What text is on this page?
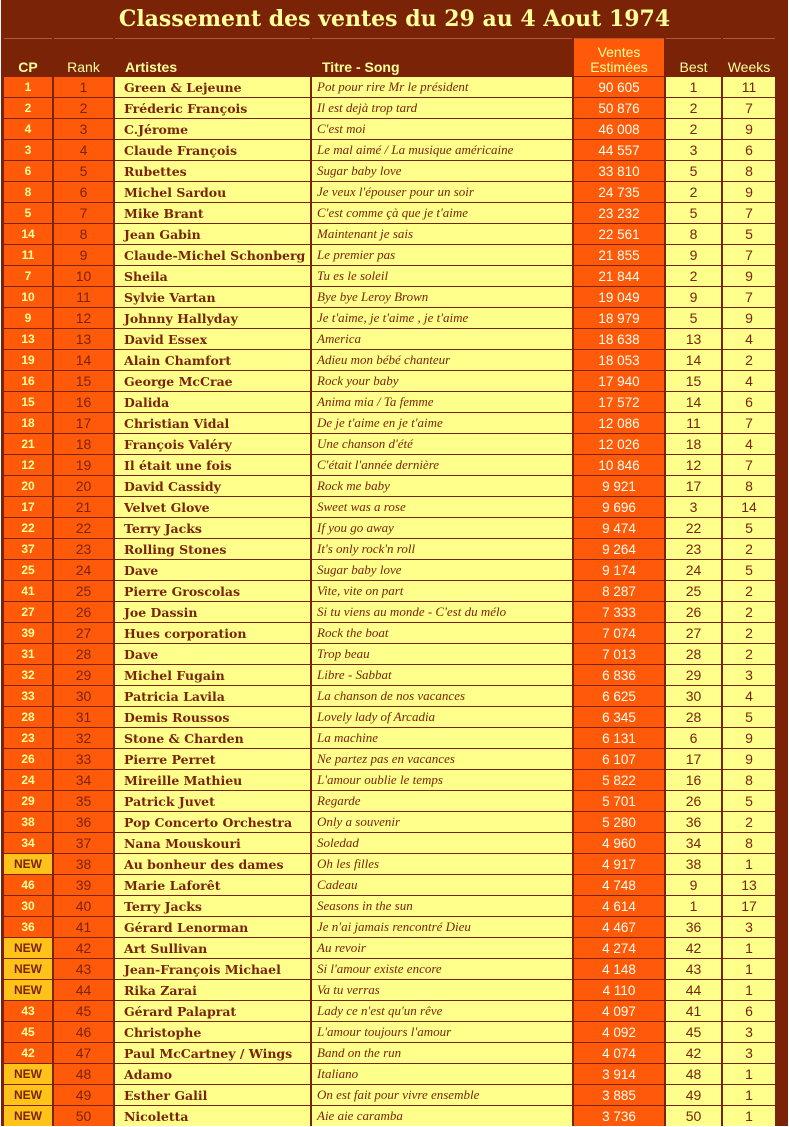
Classement des ventes du 29 au 4 Aout 1974
CP	Rank	Artistes	Titre - Song	Ventes
Estimées	Best	Weeks
1	1	Green & Lejeune	Pot pour rire Mr le président	90 605	1	11
2	2	Fréderic François	Il est dejà trop tard	50 876	2	7
4	3	C.Jérome	C'est moi	46 008	2	9
3	4	Claude François	Le mal aimé / La musique américaine	44 557	3	6
6	5	Rubettes	Sugar baby love	33 810	5	8
8	6	Michel Sardou	Je veux l'épouser pour un soir	24 735	2	9
5	7	Mike Brant	C'est comme çà que je t'aime	23 232	5	7
14	8	Jean Gabin	Maintenant je sais	22 561	8	5
11	9	Claude-Michel Schonberg	Le premier pas	21 855	9	7
7	10	Sheila	Tu es le soleil	21 844	2	9
10	11	Sylvie Vartan	Bye bye Leroy Brown	19 049	9	7
9	12	Johnny Hallyday	Je t'aime, je t'aime , je t'aime	18 979	5	9
13	13	David Essex	America	18 638	13	4
19	14	Alain Chamfort	Adieu mon bébé chanteur	18 053	14	2
16	15	George McCrae	Rock your baby	17 940	15	4
15	16	Dalida	Anima mia / Ta femme	17 572	14	6
18	17	Christian Vidal	De je t'aime en je t'aime	12 086	11	7
21	18	François Valéry	Une chanson d'été	12 026	18	4
12	19	Il était une fois	C'était l'année dernière	10 846	12	7
20	20	David Cassidy	Rock me baby	9 921	17	8
17	21	Velvet Glove	Sweet was a rose	9 696	3	14
22	22	Terry Jacks	If you go away	9 474	22	5
37	23	Rolling Stones	It's only rock'n roll	9 264	23	2
25	24	Dave	Sugar baby love	9 174	24	5
41	25	Pierre Groscolas	Vite, vite on part	8 287	25	2
27	26	Joe Dassin	Si tu viens au monde - C'est du mélo	7 333	26	2
39	27	Hues corporation	Rock the boat	7 074	27	2
31	28	Dave	Trop beau	7 013	28	2
32	29	Michel Fugain	Libre - Sabbat	6 836	29	3
33	30	Patricia Lavila	La chanson de nos vacances	6 625	30	4
28	31	Demis Roussos	Lovely lady of Arcadia	6 345	28	5
23	32	Stone & Charden	La machine	6 131	6	9
26	33	Pierre Perret	Ne partez pas en vacances	6 107	17	9
24	34	Mireille Mathieu	L'amour oublie le temps	5 822	16	8
29	35	Patrick Juvet	Regarde	5 701	26	5
38	36	Pop Concerto Orchestra	Only a souvenir	5 280	36	2
34	37	Nana Mouskouri	Soledad	4 960	34	8
NEW	38	Au bonheur des dames	Oh les filles	4 917	38	1
46	39	Marie Laforêt	Cadeau	4 748	9	13
30	40	Terry Jacks	Seasons in the sun	4 614	1	17
36	41	Gérard Lenorman	Je n'ai jamais rencontré Dieu	4 467	36	3
NEW	42	Art Sullivan	Au revoir	4 274	42	1
NEW	43	Jean-François Michael	Si l'amour existe encore	4 148	43	1
NEW	44	Rika Zarai	Va tu verras	4 110	44	1
43	45	Gérard Palaprat	Lady ce n'est qu'un rêve	4 097	41	6
45	46	Christophe	L'amour toujours l'amour	4 092	45	3
42	47	Paul McCartney / Wings	Band on the run	4 074	42	3
NEW	48	Adamo	Italiano	3 914	48	1
NEW	49	Esther Galil	On est fait pour vivre ensemble	3 885	49	1
NEW	50	Nicoletta	Aie aie caramba	3 736	50	1
